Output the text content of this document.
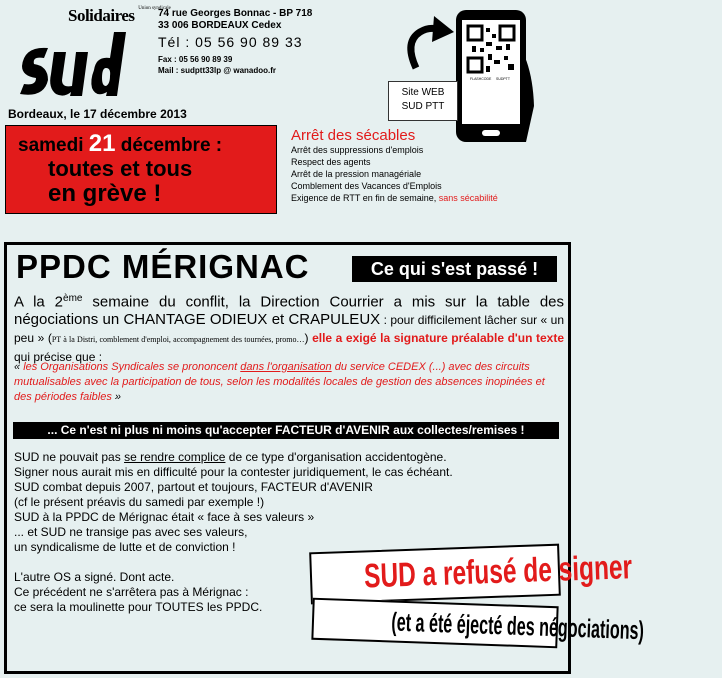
Solidaires $^{Union syndicale}$
PTT
74 rue Georges Bonnac - BP 718
33 006 BORDEAUX Cedex
Tél : 05 56 90 89 33
Fax : 05 56 90 89 39
Mail : sudptt33lp @ wanadoo.fr
FLASHCODE SUDPTT
Site WEB
SUD PTT
Bordeaux, le 17 décembre 2013
samedi 21 décembre :
toutes et tous
en grève !
Arrêt des sécables
Arrêt des suppressions d'emplois
Respect des agents
Arrêt de la pression managériale
Comblement des Vacances d'Emplois
Exigence de RTT en fin de semaine, sans sécabilité
PPDC MÉRIGNAC	Ce qui s'est passé !
A la 2ème semaine du conflit, la Direction Courrier a mis sur la table des négociations un CHANTAGE ODIEUX et CRAPULEUX : pour difficilement lâcher sur « un peu » (PT à la Distri, comblement d'emploi, accompagnement des tournées, promo…) elle a exigé la signature préalable d'un texte qui précise que :
« les Organisations Syndicales se prononcent dans l'organisation du service CEDEX (...) avec des circuits mutualisables avec la participation de tous, selon les modalités locales de gestion des absences inopinées et des périodes faibles »
... Ce n'est ni plus ni moins qu'accepter FACTEUR d'AVENIR aux collectes/remises !
SUD ne pouvait pas se rendre complice de ce type d'organisation accidentogène.
Signer nous aurait mis en difficulté pour la contester juridiquement, le cas échéant.
SUD combat depuis 2007, partout et toujours, FACTEUR d'AVENIR
(cf le présent préavis du samedi par exemple !)
SUD à la PPDC de Mérignac était « face à ses valeurs »
... et SUD ne transige pas avec ses valeurs,
un syndicalisme de lutte et de conviction !
L'autre OS a signé. Dont acte.
Ce précédent ne s'arrêtera pas à Mérignac :
ce sera la moulinette pour TOUTES les PPDC.
SUD a refusé de signer
(et a été éjecté des négociations)
